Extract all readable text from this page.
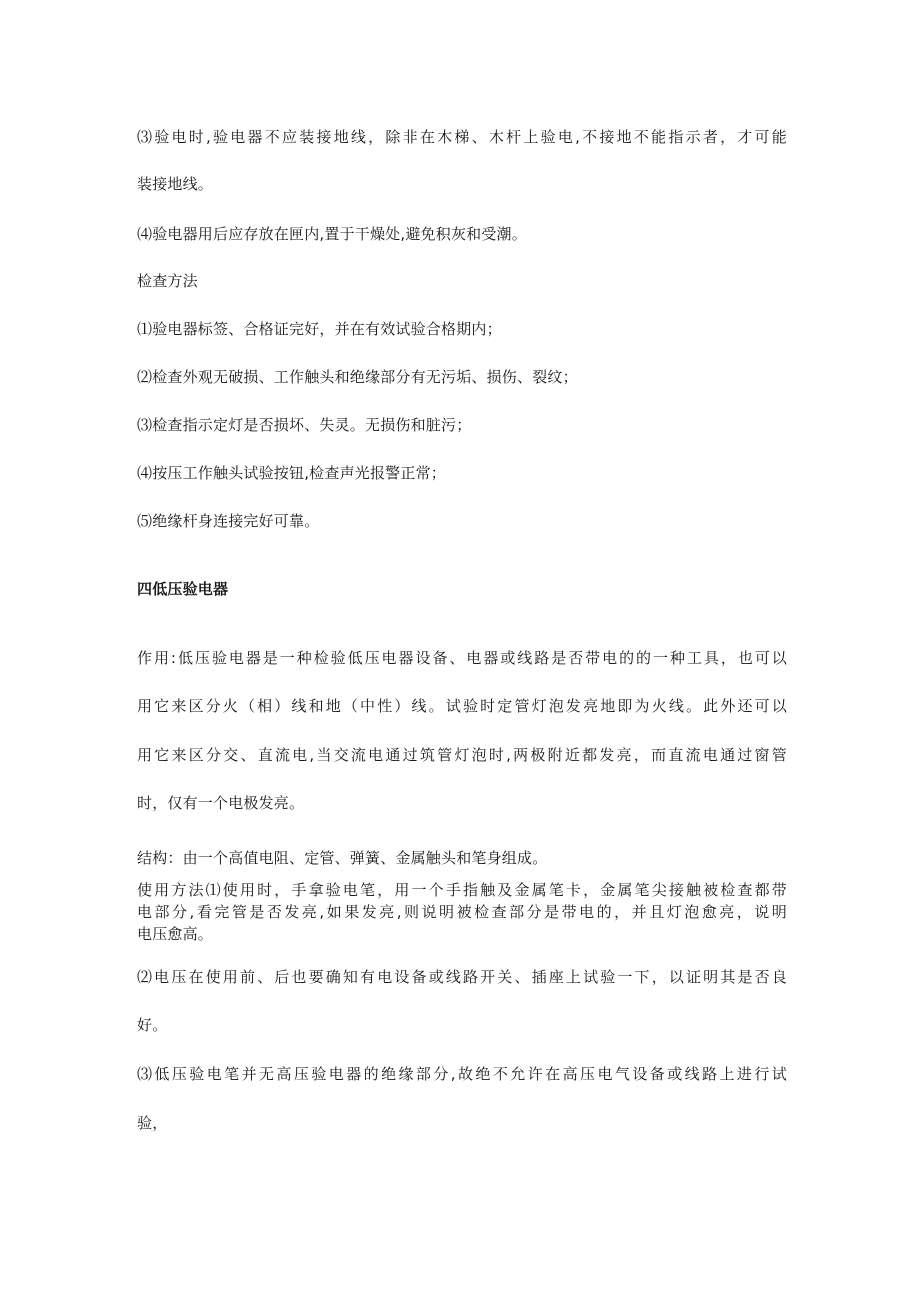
⑶验电时,验电器不应装接地线，除非在木梯、木杆上验电,不接地不能指示者，才可能
装接地线。
⑷验电器用后应存放在匣内,置于干燥处,避免积灰和受潮。
检查方法
⑴验电器标签、合格证完好，并在有效试验合格期内；
⑵检查外观无破损、工作触头和绝缘部分有无污垢、损伤、裂纹；
⑶检查指示定灯是否损坏、失灵。无损伤和脏污；
⑷按压工作触头试验按钮,检查声光报警正常；
⑸绝缘杆身连接完好可靠。
四低压验电器
作用:低压验电器是一种检验低压电器设备、电器或线路是否带电的的一种工具，也可以
用它来区分火（相）线和地（中性）线。试验时定管灯泡发亮地即为火线。此外还可以
用它来区分交、直流电,当交流电通过筑管灯泡时,两极附近都发亮，而直流电通过窗管
时，仅有一个电极发亮。
结构：由一个高值电阻、定管、弹簧、金属触头和笔身组成。
使用方法⑴使用时，手拿验电笔，用一个手指触及金属笔卡，金属笔尖接触被检查都带
电部分,看完管是否发亮,如果发亮,则说明被检查部分是带电的，并且灯泡愈亮，说明
电压愈高。
⑵电压在使用前、后也要确知有电设备或线路开关、插座上试验一下，以证明其是否良
好。
⑶低压验电笔并无高压验电器的绝缘部分,故绝不允许在高压电气设备或线路上进行试
验，
